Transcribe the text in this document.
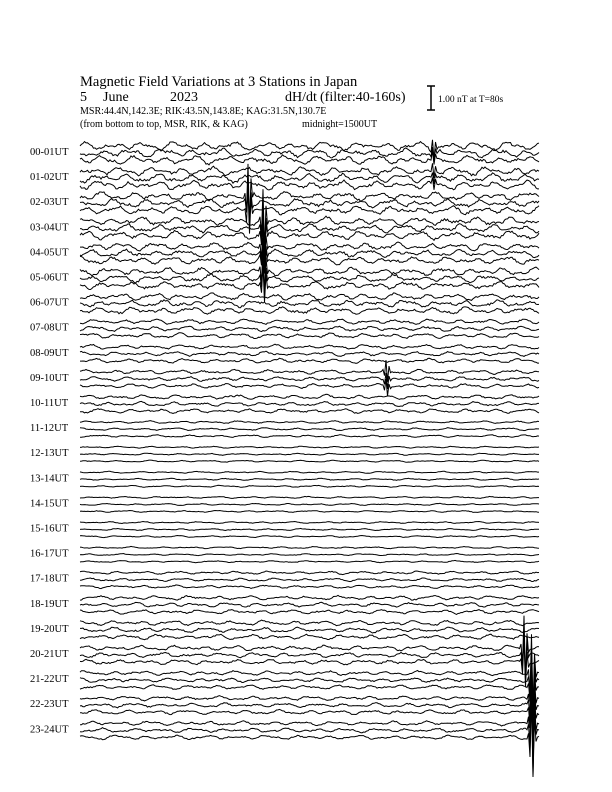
Magnetic Field Variations at 3 Stations in Japan
5 June	2023	dH/dt (filter:40-160s)
MSR:44.4N,142.3E; RIK:43.5N,143.8E; KAG:31.5N,130.7E
(from bottom to top, MSR, RIK, & KAG)	midnight=1500UT
1.00 nT at T=80s
00-01UT
01-02UT
02-03UT
03-04UT
04-05UT
05-06UT
06-07UT
07-08UT
08-09UT
09-10UT
10-11UT
11-12UT
12-13UT
13-14UT
14-15UT
15-16UT
16-17UT
17-18UT
18-19UT
19-20UT
20-21UT
21-22UT
22-23UT
23-24UT
